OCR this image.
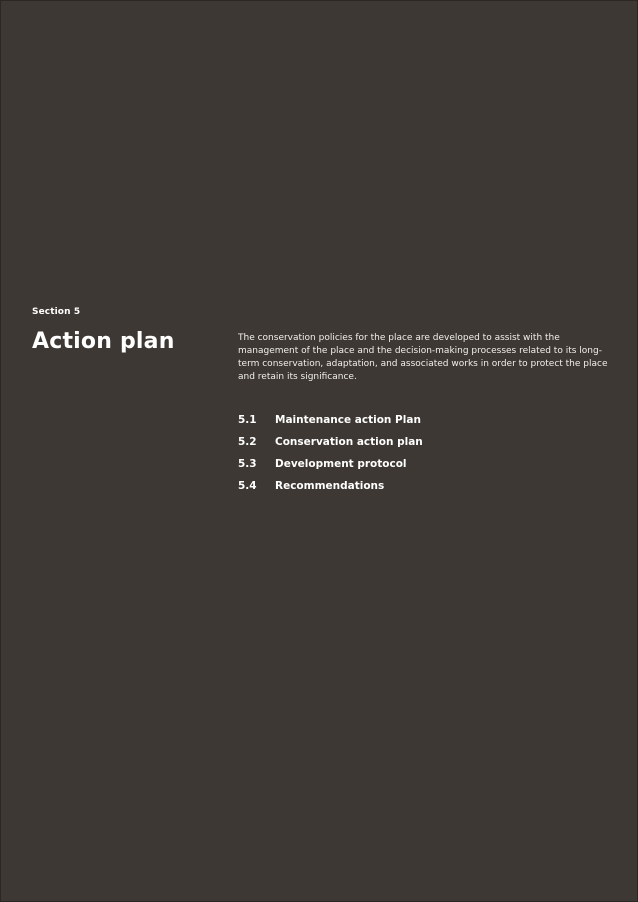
Section 5
Action plan	The conservation policies for the place are developed to assist with the management of the place and the decision-making processes related to its long-term conservation, adaptation, and associated works in order to protect the place and retain its significance.
5.1	Maintenance action Plan
5.2	Conservation action plan
5.3	Development protocol
5.4	Recommendations
